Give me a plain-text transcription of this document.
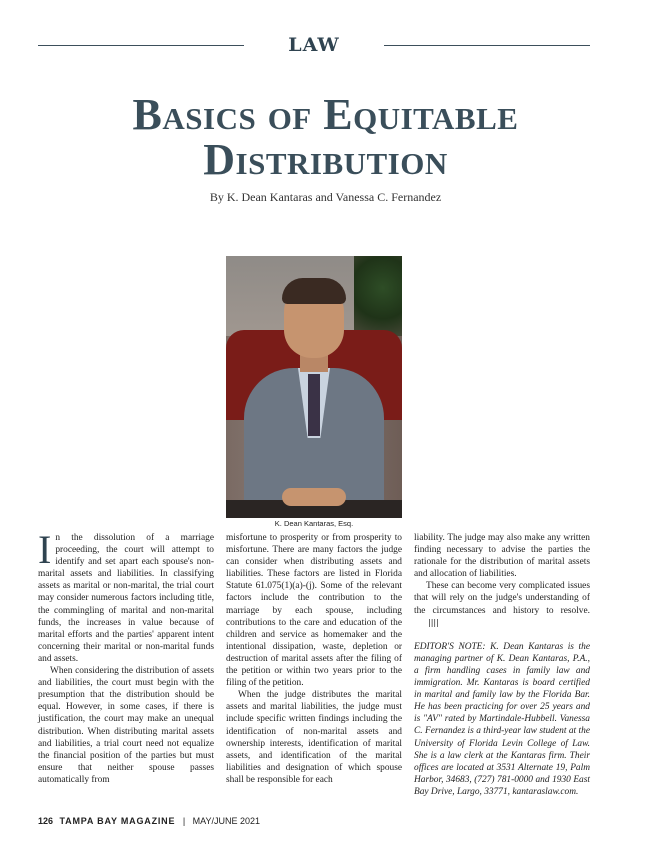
LAW
Basics of Equitable
Distribution
By K. Dean Kantaras and Vanessa C. Fernandez
K. Dean Kantaras, Esq.

In the dissolution of a marriage proceeding, the court will attempt to identify and set apart each spouse's non-marital assets and liabilities. In classifying assets as marital or non-marital, the trial court may consider numerous factors including title, the commingling of marital and non-marital funds, the increases in value because of marital efforts and the parties' apparent intent concerning their marital or non-marital funds and assets.

When considering the distribution of assets and liabilities, the court must begin with the presumption that the distribution should be equal. However, in some cases, if there is justification, the court may make an unequal distribution. When distributing marital assets and liabilities, a trial court need not equalize the financial position of the parties but must ensure that neither spouse passes automatically from

misfortune to prosperity or from prosperity to misfortune. There are many factors the judge can consider when distributing assets and liabilities. These factors are listed in Florida Statute 61.075(1)(a)-(j). Some of the relevant factors include the contribution to the marriage by each spouse, including contributions to the care and education of the children and service as homemaker and the intentional dissipation, waste, depletion or destruction of marital assets after the filing of the petition or within two years prior to the filing of the petition.

When the judge distributes the marital assets and marital liabilities, the judge must include specific written findings including the identification of non-marital assets and ownership interests, identification of marital assets, and identification of the marital liabilities and designation of which spouse shall be responsible for each

liability. The judge may also make any written finding necessary to advise the parties the rationale for the distribution of marital assets and allocation of liabilities.

These can become very complicated issues that will rely on the judge's understanding of the circumstances and history to resolve.||||

EDITOR'S NOTE: K. Dean Kantaras is the managing partner of K. Dean Kantaras, P.A., a firm handling cases in family law and immigration. Mr. Kantaras is board certified in marital and family law by the Florida Bar. He has been practicing for over 25 years and is "AV" rated by Martindale-Hubbell. Vanessa C. Fernandez is a third-year law student at the University of Florida Levin College of Law. She is a law clerk at the Kantaras firm. Their offices are located at 3531 Alternate 19, Palm Harbor, 34683, (727) 781-0000 and 1930 East Bay Drive, Largo, 33771, kantaraslaw.com.

126 TAMPA BAY MAGAZINE | MAY/JUNE 2021
